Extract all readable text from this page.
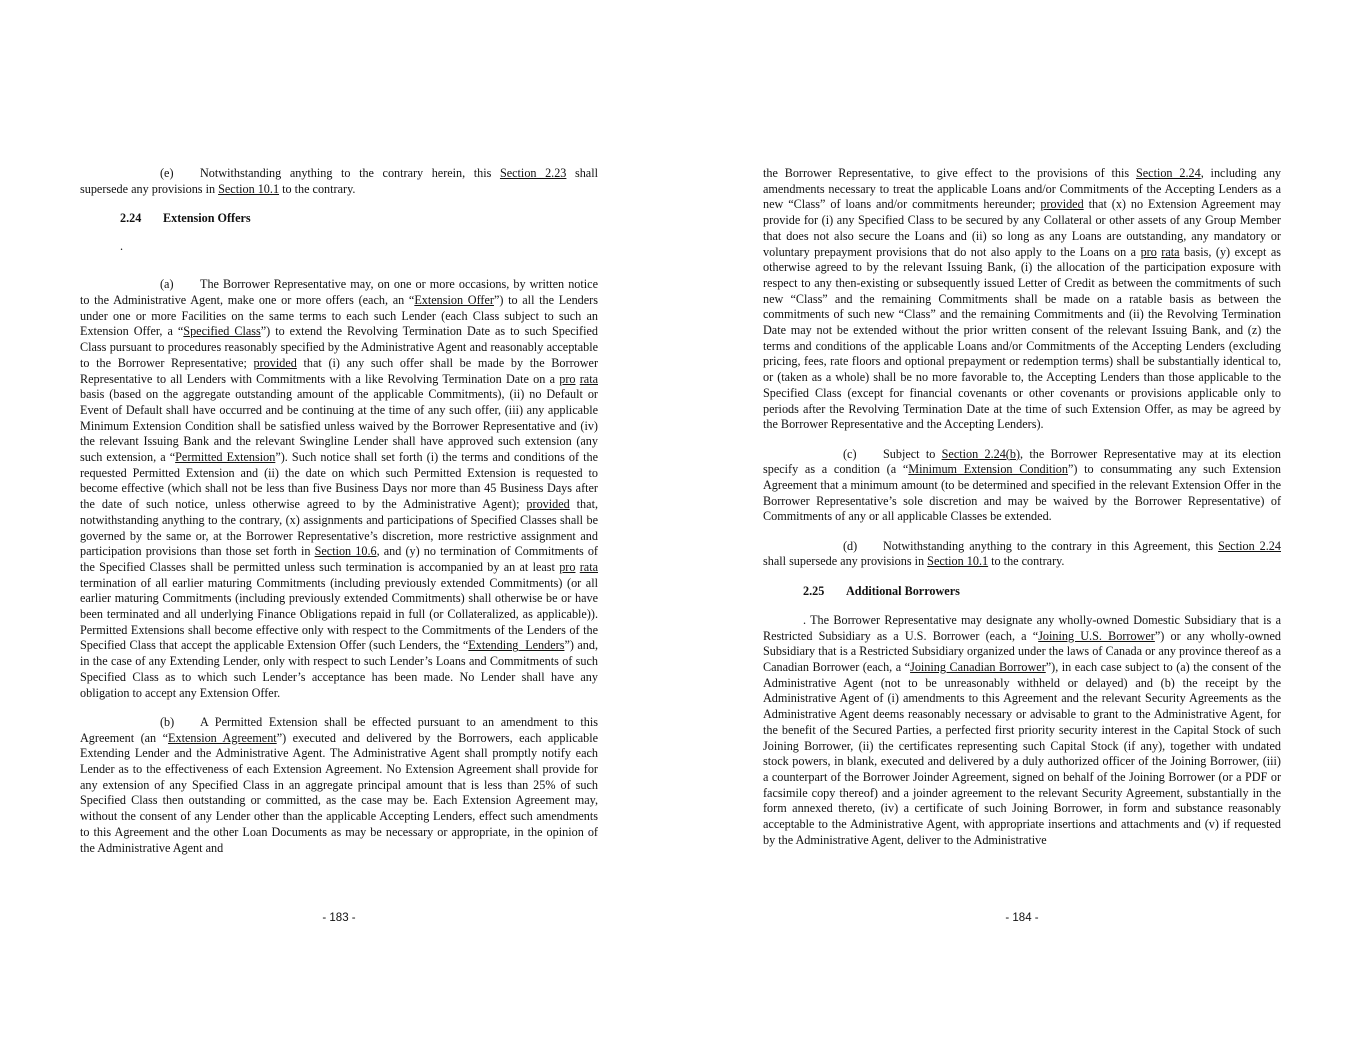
(e) Notwithstanding anything to the contrary herein, this Section 2.23 shall supersede any provisions in Section 10.1 to the contrary.

2.24 Extension Offers
.

(a) The Borrower Representative may, on one or more occasions, by written notice to the Administrative Agent, make one or more offers (each, an “Extension Offer”) to all the Lenders under one or more Facilities on the same terms to each such Lender (each Class subject to such an Extension Offer, a “Specified Class”) to extend the Revolving Termination Date as to such Specified Class pursuant to procedures reasonably specified by the Administrative Agent and reasonably acceptable to the Borrower Representative; provided that (i) any such offer shall be made by the Borrower Representative to all Lenders with Commitments with a like Revolving Termination Date on a pro rata basis (based on the aggregate outstanding amount of the applicable Commitments), (ii) no Default or Event of Default shall have occurred and be continuing at the time of any such offer, (iii) any applicable Minimum Extension Condition shall be satisfied unless waived by the Borrower Representative and (iv) the relevant Issuing Bank and the relevant Swingline Lender shall have approved such extension (any such extension, a “Permitted Extension”). Such notice shall set forth (i) the terms and conditions of the requested Permitted Extension and (ii) the date on which such Permitted Extension is requested to become effective (which shall not be less than five Business Days nor more than 45 Business Days after the date of such notice, unless otherwise agreed to by the Administrative Agent); provided that, notwithstanding anything to the contrary, (x) assignments and participations of Specified Classes shall be governed by the same or, at the Borrower Representative’s discretion, more restrictive assignment and participation provisions than those set forth in Section 10.6, and (y) no termination of Commitments of the Specified Classes shall be permitted unless such termination is accompanied by an at least pro rata termination of all earlier maturing Commitments (including previously extended Commitments) (or all earlier maturing Commitments (including previously extended Commitments) shall otherwise be or have been terminated and all underlying Finance Obligations repaid in full (or Collateralized, as applicable)). Permitted Extensions shall become effective only with respect to the Commitments of the Lenders of the Specified Class that accept the applicable Extension Offer (such Lenders, the “Extending  Lenders”) and, in the case of any Extending Lender, only with respect to such Lender’s Loans and Commitments of such Specified Class as to which such Lender’s acceptance has been made. No Lender shall have any obligation to accept any Extension Offer.

(b) A Permitted Extension shall be effected pursuant to an amendment to this Agreement (an “Extension Agreement”) executed and delivered by the Borrowers, each applicable Extending Lender and the Administrative Agent. The Administrative Agent shall promptly notify each Lender as to the effectiveness of each Extension Agreement. No Extension Agreement shall provide for any extension of any Specified Class in an aggregate principal amount that is less than 25% of such Specified Class then outstanding or committed, as the case may be. Each Extension Agreement may, without the consent of any Lender other than the applicable Accepting Lenders, effect such amendments to this Agreement and the other Loan Documents as may be necessary or appropriate, in the opinion of the Administrative Agent and

- 183 -

the Borrower Representative, to give effect to the provisions of this Section 2.24, including any amendments necessary to treat the applicable Loans and/or Commitments of the Accepting Lenders as a new “Class” of loans and/or commitments hereunder; provided that (x) no Extension Agreement may provide for (i) any Specified Class to be secured by any Collateral or other assets of any Group Member that does not also secure the Loans and (ii) so long as any Loans are outstanding, any mandatory or voluntary prepayment provisions that do not also apply to the Loans on a pro rata basis, (y) except as otherwise agreed to by the relevant Issuing Bank, (i) the allocation of the participation exposure with respect to any then-existing or subsequently issued Letter of Credit as between the commitments of such new “Class” and the remaining Commitments shall be made on a ratable basis as between the commitments of such new “Class” and the remaining Commitments and (ii) the Revolving Termination Date may not be extended without the prior written consent of the relevant Issuing Bank, and (z) the terms and conditions of the applicable Loans and/or Commitments of the Accepting Lenders (excluding pricing, fees, rate floors and optional prepayment or redemption terms) shall be substantially identical to, or (taken as a whole) shall be no more favorable to, the Accepting Lenders than those applicable to the Specified Class (except for financial covenants or other covenants or provisions applicable only to periods after the Revolving Termination Date at the time of such Extension Offer, as may be agreed by the Borrower Representative and the Accepting Lenders).

(c) Subject to Section 2.24(b), the Borrower Representative may at its election specify as a condition (a “Minimum Extension Condition”) to consummating any such Extension Agreement that a minimum amount (to be determined and specified in the relevant Extension Offer in the Borrower Representative’s sole discretion and may be waived by the Borrower Representative) of Commitments of any or all applicable Classes be extended.

(d) Notwithstanding anything to the contrary in this Agreement, this Section 2.24 shall supersede any provisions in Section 10.1 to the contrary.

2.25 Additional Borrowers

. The Borrower Representative may designate any wholly-owned Domestic Subsidiary that is a Restricted Subsidiary as a U.S. Borrower (each, a “Joining U.S. Borrower”) or any wholly-owned Subsidiary that is a Restricted Subsidiary organized under the laws of Canada or any province thereof as a Canadian Borrower (each, a “Joining Canadian Borrower”), in each case subject to (a) the consent of the Administrative Agent (not to be unreasonably withheld or delayed) and (b) the receipt by the Administrative Agent of (i) amendments to this Agreement and the relevant Security Agreements as the Administrative Agent deems reasonably necessary or advisable to grant to the Administrative Agent, for the benefit of the Secured Parties, a perfected first priority security interest in the Capital Stock of such Joining Borrower, (ii) the certificates representing such Capital Stock (if any), together with undated stock powers, in blank, executed and delivered by a duly authorized officer of the Joining Borrower, (iii) a counterpart of the Borrower Joinder Agreement, signed on behalf of the Joining Borrower (or a PDF or facsimile copy thereof) and a joinder agreement to the relevant Security Agreement, substantially in the form annexed thereto, (iv) a certificate of such Joining Borrower, in form and substance reasonably acceptable to the Administrative Agent, with appropriate insertions and attachments and (v) if requested by the Administrative Agent, deliver to the Administrative

- 184 -
